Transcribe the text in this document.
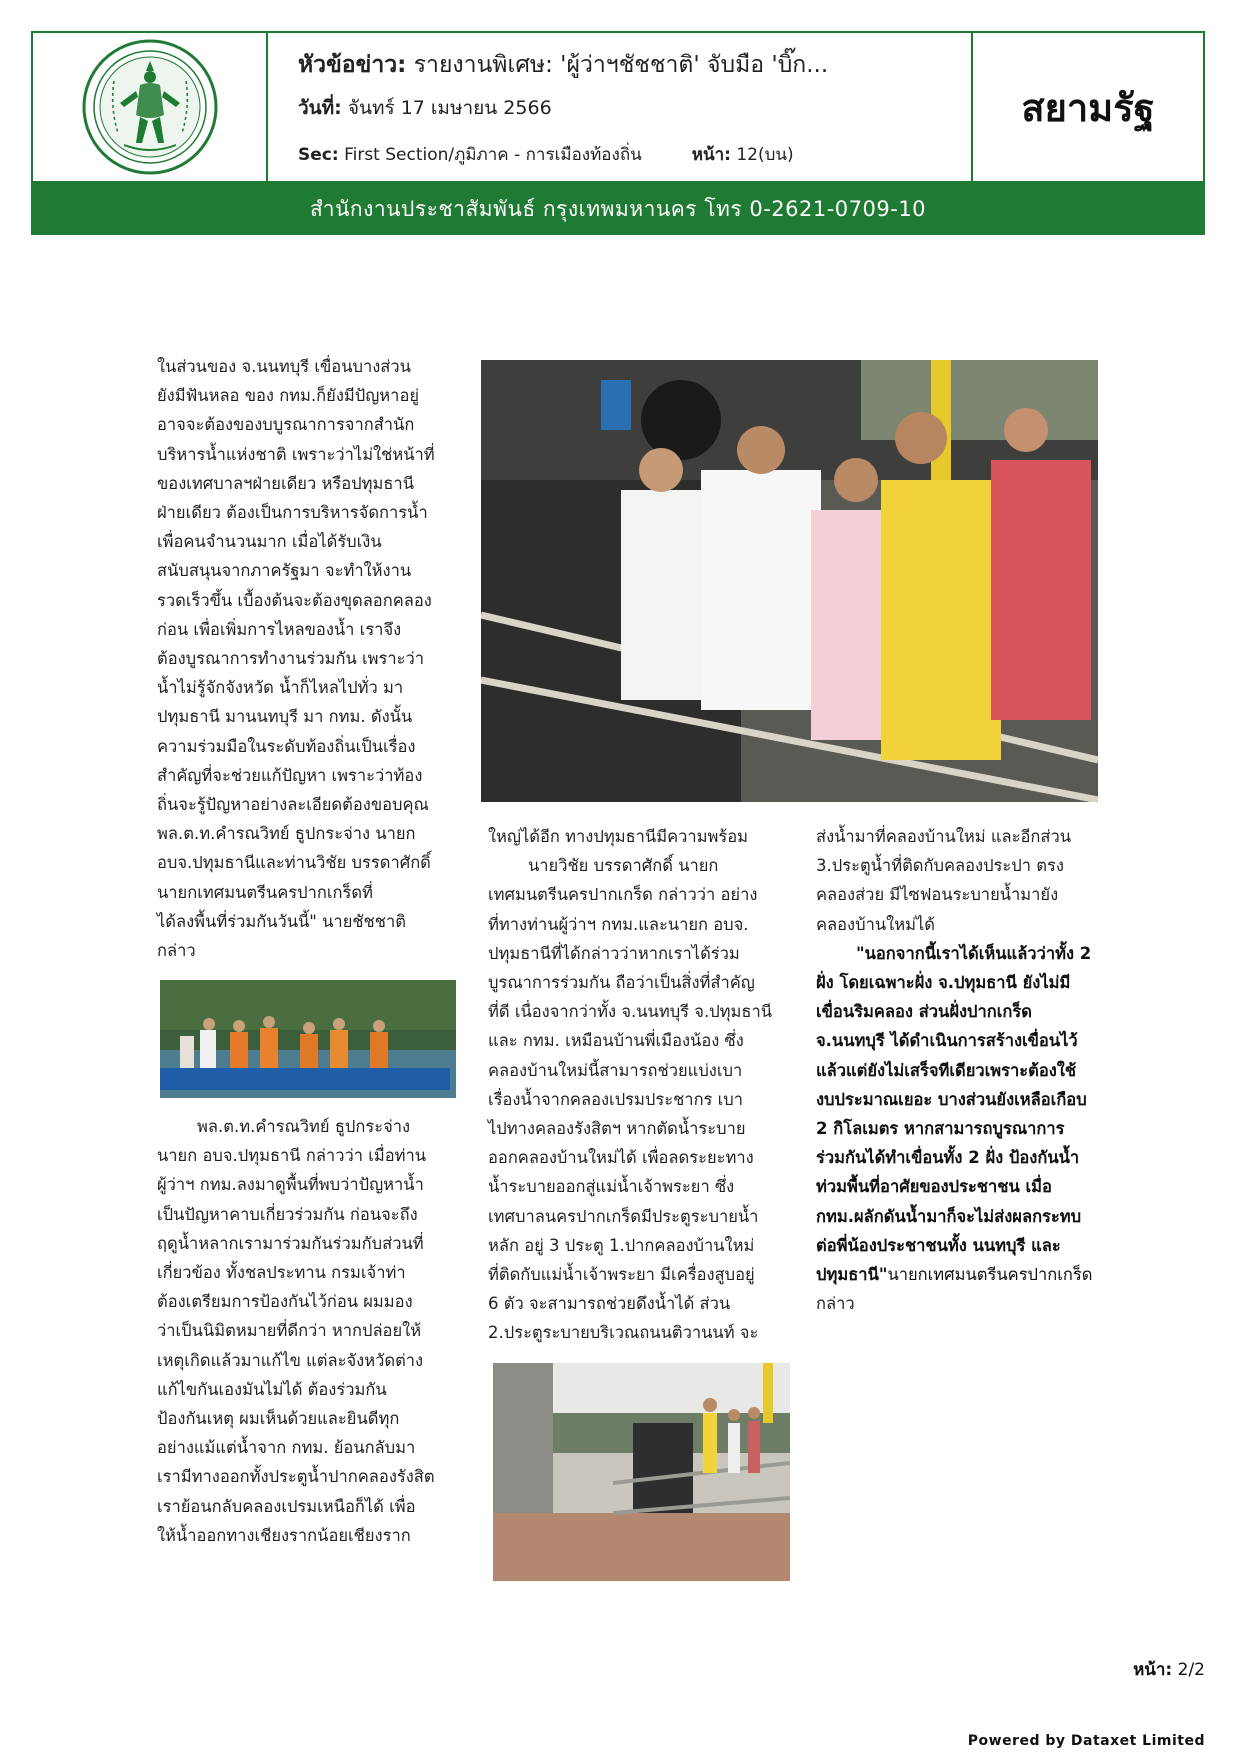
หัวข้อข่าว: รายงานพิเศษ: 'ผู้ว่าฯชัชชาติ' จับมือ 'บิ๊ก...
วันที่: จันทร์ 17 เมษายน 2566
Sec: First Section/ภูมิภาค - การเมืองท้องถิ่น	หน้า: 12(บน)
สยามรัฐ
สำนักงานประชาสัมพันธ์ กรุงเทพมหานคร โทร 0-2621-0709-10

ในส่วนของ จ.นนทบุรี เขื่อนบางส่วน

ยังมีฟันหลอ ของ กทม.ก็ยังมีปัญหาอยู่

อาจจะต้องของบบูรณาการจากสำนัก

บริหารน้ำแห่งชาติ เพราะว่าไม่ใช่หน้าที่

ของเทศบาลฯฝ่ายเดียว หรือปทุมธานี

ฝ่ายเดียว ต้องเป็นการบริหารจัดการน้ำ

เพื่อคนจำนวนมาก เมื่อได้รับเงิน

สนับสนุนจากภาครัฐมา จะทำให้งาน

รวดเร็วขึ้น เบื้องต้นจะต้องขุดลอกคลอง

ก่อน เพื่อเพิ่มการไหลของน้ำ เราจึง

ต้องบูรณาการทำงานร่วมกัน เพราะว่า

น้ำไม่รู้จักจังหวัด น้ำก็ไหลไปทั่ว มา

ปทุมธานี มานนทบุรี มา กทม. ดังนั้น

ความร่วมมือในระดับท้องถิ่นเป็นเรื่อง

สำคัญที่จะช่วยแก้ปัญหา เพราะว่าท้อง

ถิ่นจะรู้ปัญหาอย่างละเอียดต้องขอบคุณ

พล.ต.ท.คำรณวิทย์ ธูปกระจ่าง นายก

อบจ.ปทุมธานีและท่านวิชัย บรรดาศักดิ์

นายกเทศมนตรีนครปากเกร็ดที่

ได้ลงพื้นที่ร่วมกันวันนี้" นายชัชชาติ

กล่าว

พล.ต.ท.คำรณวิทย์ ธูปกระจ่าง

นายก อบจ.ปทุมธานี กล่าวว่า เมื่อท่าน

ผู้ว่าฯ กทม.ลงมาดูพื้นที่พบว่าปัญหาน้ำ

เป็นปัญหาคาบเกี่ยวร่วมกัน ก่อนจะถึง

ฤดูน้ำหลากเรามาร่วมกันร่วมกับส่วนที่

เกี่ยวข้อง ทั้งชลประทาน กรมเจ้าท่า

ต้องเตรียมการป้องกันไว้ก่อน ผมมอง

ว่าเป็นนิมิตหมายที่ดีกว่า หากปล่อยให้

เหตุเกิดแล้วมาแก้ไข แต่ละจังหวัดต่าง

แก้ไขกันเองมันไม่ได้ ต้องร่วมกัน

ป้องกันเหตุ ผมเห็นด้วยและยินดีทุก

อย่างแม้แต่น้ำจาก กทม. ย้อนกลับมา

เรามีทางออกทั้งประตูน้ำปากคลองรังสิต

เราย้อนกลับคลองเปรมเหนือก็ได้ เพื่อ

ให้น้ำออกทางเชียงรากน้อยเชียงราก

ใหญ่ได้อีก ทางปทุมธานีมีความพร้อม

นายวิชัย บรรดาศักดิ์ นายก

เทศมนตรีนครปากเกร็ด กล่าวว่า อย่าง

ที่ทางท่านผู้ว่าฯ กทม.และนายก อบจ.

ปทุมธานีที่ได้กล่าวว่าหากเราได้ร่วม

บูรณาการร่วมกัน ถือว่าเป็นสิ่งที่สำคัญ

ที่ดี เนื่องจากว่าทั้ง จ.นนทบุรี จ.ปทุมธานี

และ กทม. เหมือนบ้านพี่เมืองน้อง ซึ่ง

คลองบ้านใหม่นี้สามารถช่วยแบ่งเบา

เรื่องน้ำจากคลองเปรมประชากร เบา

ไปทางคลองรังสิตฯ หากตัดน้ำระบาย

ออกคลองบ้านใหม่ได้ เพื่อลดระยะทาง

น้ำระบายออกสู่แม่น้ำเจ้าพระยา ซึ่ง

เทศบาลนครปากเกร็ดมีประตูระบายน้ำ

หลัก อยู่ 3 ประตู 1.ปากคลองบ้านใหม่

ที่ติดกับแม่น้ำเจ้าพระยา มีเครื่องสูบอยู่

6 ตัว จะสามารถช่วยดึงน้ำได้ ส่วน

2.ประตูระบายบริเวณถนนติวานนท์ จะ

ส่งน้ำมาที่คลองบ้านใหม่ และอีกส่วน

3.ประตูน้ำที่ติดกับคลองประปา ตรง

คลองส่วย มีไซฟอนระบายน้ำมายัง

คลองบ้านใหม่ได้

"นอกจากนี้เราได้เห็นแล้วว่าทั้ง 2

ฝั่ง โดยเฉพาะฝั่ง จ.ปทุมธานี ยังไม่มี

เขื่อนริมคลอง ส่วนฝั่งปากเกร็ด

จ.นนทบุรี ได้ดำเนินการสร้างเขื่อนไว้

แล้วแต่ยังไม่เสร็จทีเดียวเพราะต้องใช้

งบประมาณเยอะ บางส่วนยังเหลือเกือบ

2 กิโลเมตร หากสามารถบูรณาการ

ร่วมกันได้ทำเขื่อนทั้ง 2 ฝั่ง ป้องกันน้ำ

ท่วมพื้นที่อาศัยของประชาชน เมื่อ

กทม.ผลักดันน้ำมาก็จะไม่ส่งผลกระทบ

ต่อพี่น้องประชาชนทั้ง นนทบุรี และ

ปทุมธานี"นายกเทศมนตรีนครปากเกร็ด

กล่าว

หน้า: 2/2
Powered by Dataxet Limited
